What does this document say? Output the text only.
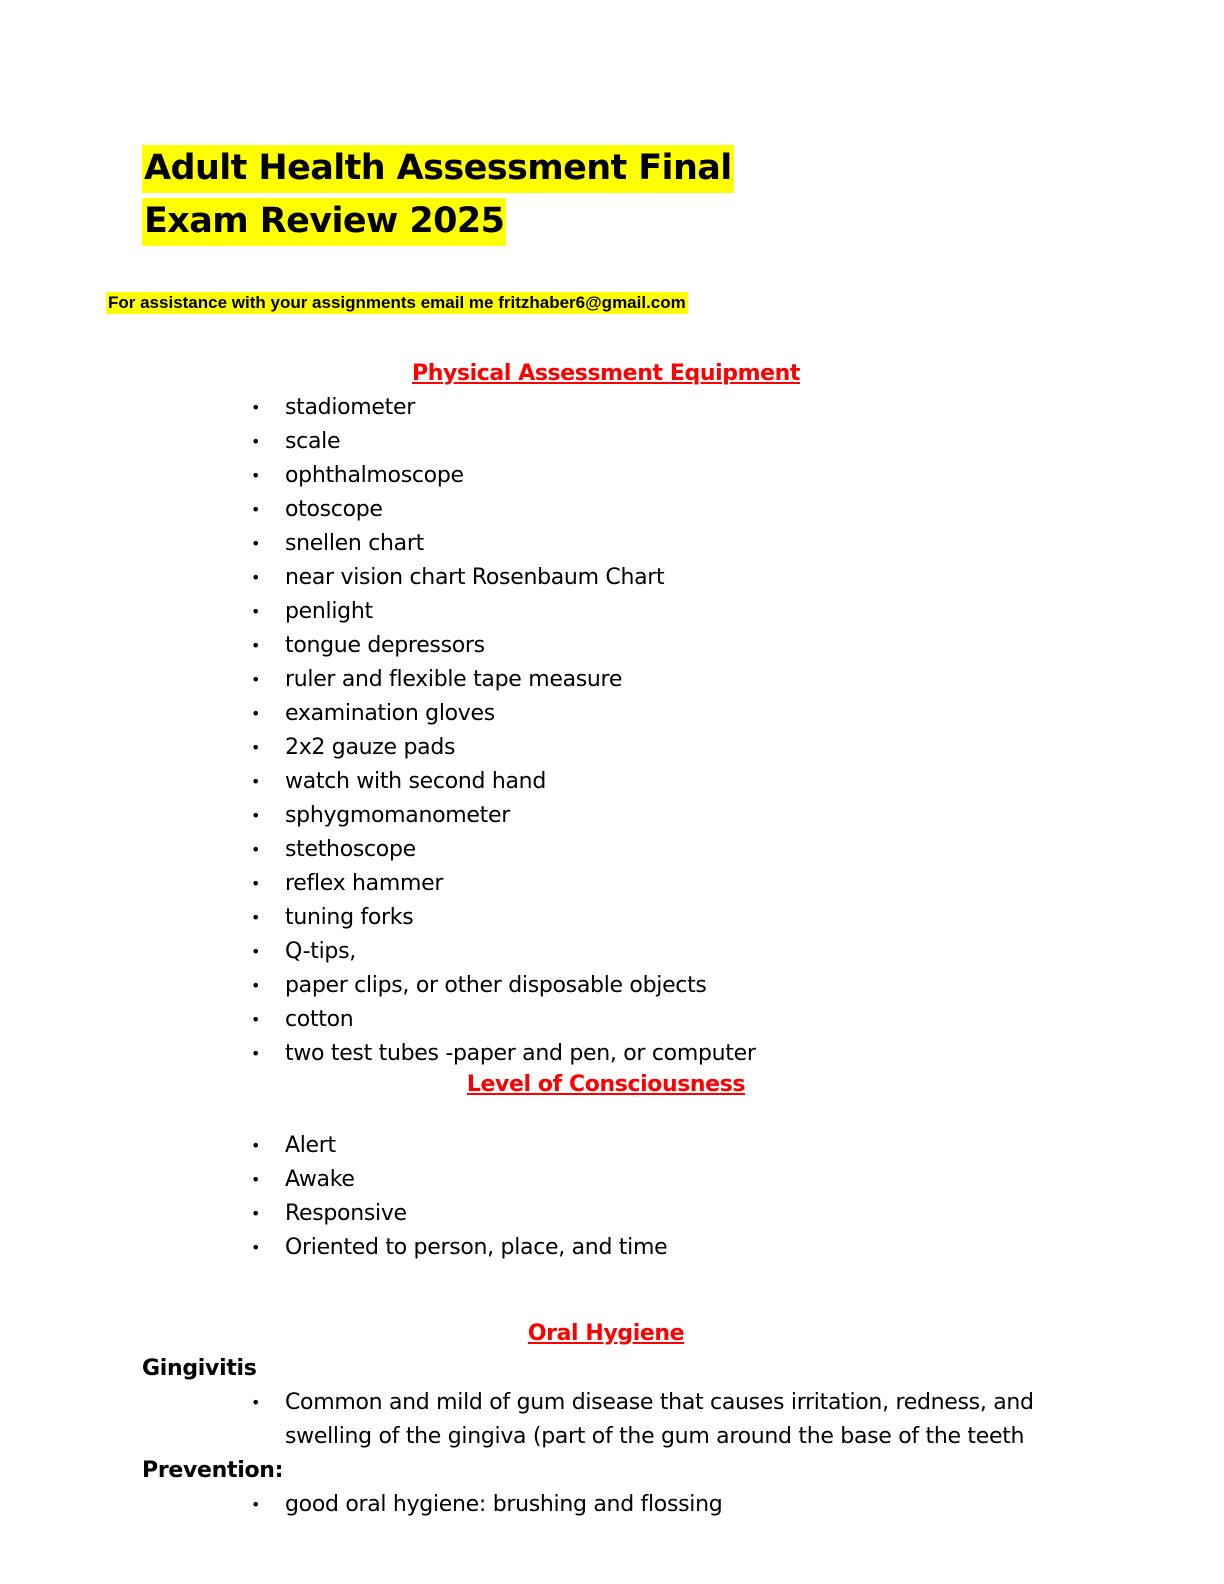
Adult Health Assessment Final
Exam Review 2025
For assistance with your assignments email me fritzhaber6@gmail.com
Physical Assessment Equipment
• stadiometer
• scale
• ophthalmoscope
• otoscope
• snellen chart
• near vision chart Rosenbaum Chart
• penlight
• tongue depressors
• ruler and flexible tape measure
• examination gloves
• 2x2 gauze pads
• watch with second hand
• sphygmomanometer
• stethoscope
• reflex hammer
• tuning forks
• Q-tips,
• paper clips, or other disposable objects
• cotton
• two test tubes -paper and pen, or computer
Level of Consciousness
• Alert
• Awake
• Responsive
• Oriented to person, place, and time
Oral Hygiene
Gingivitis
• Common and mild of gum disease that causes irritation, redness, and swelling of the gingiva (part of the gum around the base of the teeth
Prevention:
• good oral hygiene: brushing and flossing
